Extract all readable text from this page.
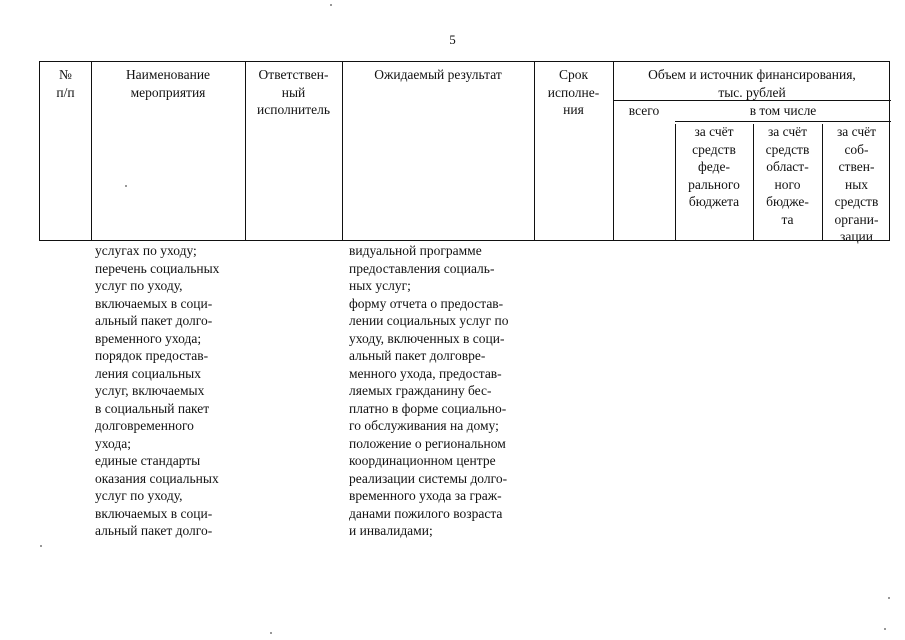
5
№
п/п
Наименование
мероприятия
Ответствен-
ный
исполнитель
Ожидаемый результат	Срок
исполне-
ния
Объем и источник финансирования,
тыс. рублей
всего	в том числе
за счёт
средств
феде-
рального
бюджета
за счёт
средств
област-
ного
бюдже-
та
за счёт
соб-
ствен-
ных
средств
органи-
зации
услугах по уходу;
перечень социальных
услуг по уходу,
включаемых в соци-
альный пакет долго-
временного ухода;
порядок предостав-
ления социальных
услуг, включаемых
в социальный пакет
долговременного
ухода;
единые стандарты
оказания социальных
услуг по уходу,
включаемых в соци-
альный пакет долго-
видуальной программе
предоставления социаль-
ных услуг;
форму отчета о предостав-
лении социальных услуг по
уходу, включенных в соци-
альный пакет долговре-
менного ухода, предостав-
ляемых гражданину бес-
платно в форме социально-
го обслуживания на дому;
положение о региональном
координационном центре
реализации системы долго-
временного ухода за граж-
данами пожилого возраста
и инвалидами;
